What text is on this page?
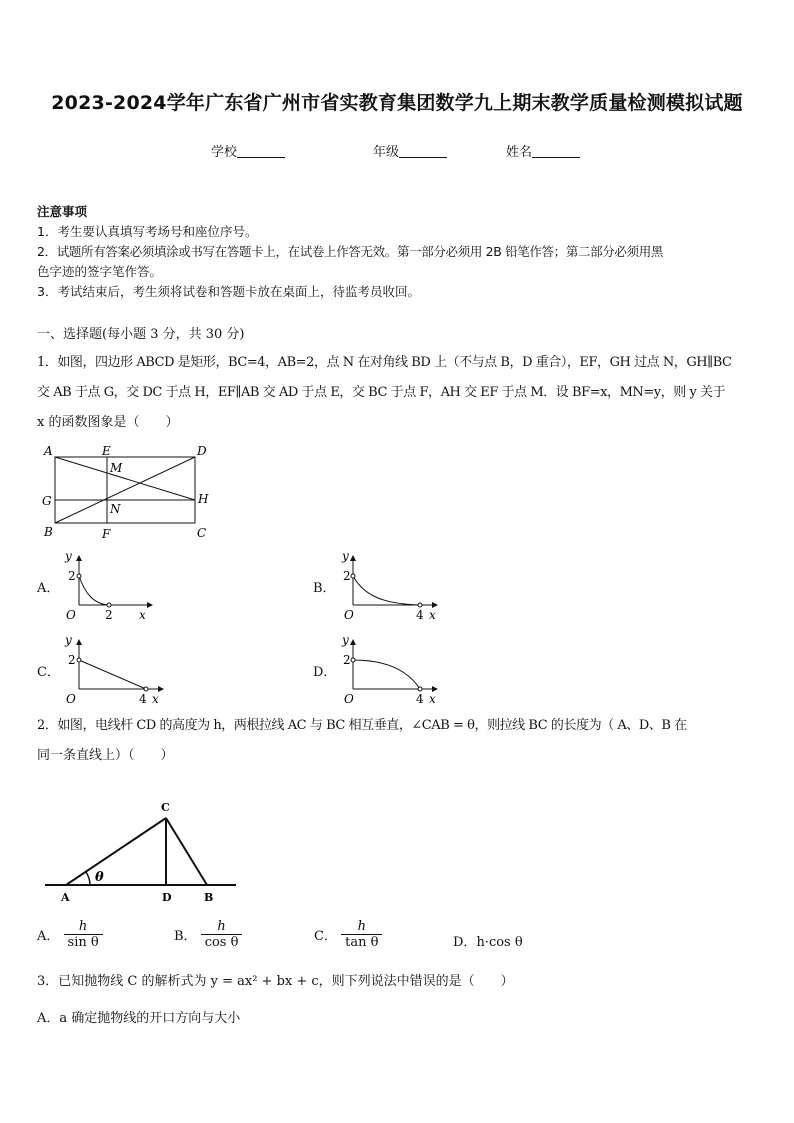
2023-2024学年广东省广州市省实教育集团数学九上期末教学质量检测模拟试题
学校	年级	姓名
注意事项
1．考生要认真填写考场号和座位序号。
2．试题所有答案必须填涂或书写在答题卡上，在试卷上作答无效。第一部分必须用 2B 铅笔作答；第二部分必须用黑
色字迹的签字笔作答。
3．考试结束后，考生须将试卷和答题卡放在桌面上，待监考员收回。
一、选择题(每小题 3 分，共 30 分)
1．如图，四边形 ABCD 是矩形，BC=4，AB=2，点 N 在对角线 BD 上（不与点 B，D 重合），EF，GH 过点 N，GH∥BC
交 AB 于点 G，交 DC 于点 H，EF∥AB 交 AD 于点 E，交 BC 于点 F，AH 交 EF 于点 M．设 BF=x，MN=y，则 y 关于
x 的函数图象是（　　）
A	E	D
M
G	H
N
B	F	C
A．
y
2
O 2 x
B．
y
2
O	4 x
C．
y
2
O	4 x
D．
y
2
O	4 x
2．如图，电线杆 CD 的高度为 h，两根拉线 AC 与 BC 相互垂直，∠CAB = θ，则拉线 BC 的长度为（ A、D、B 在
同一条直线上）（　　）
C
θ
A	D	B
A． $\frac{h}{\text{sin θ}}$	B． $\frac{h}{\text{cos θ}}$	C． $\frac{h}{\text{tan θ}}$	D．h·cos θ
3．已知抛物线 C 的解析式为 y = ax² + bx + c，则下列说法中错误的是（　　）
A．a 确定抛物线的开口方向与大小
